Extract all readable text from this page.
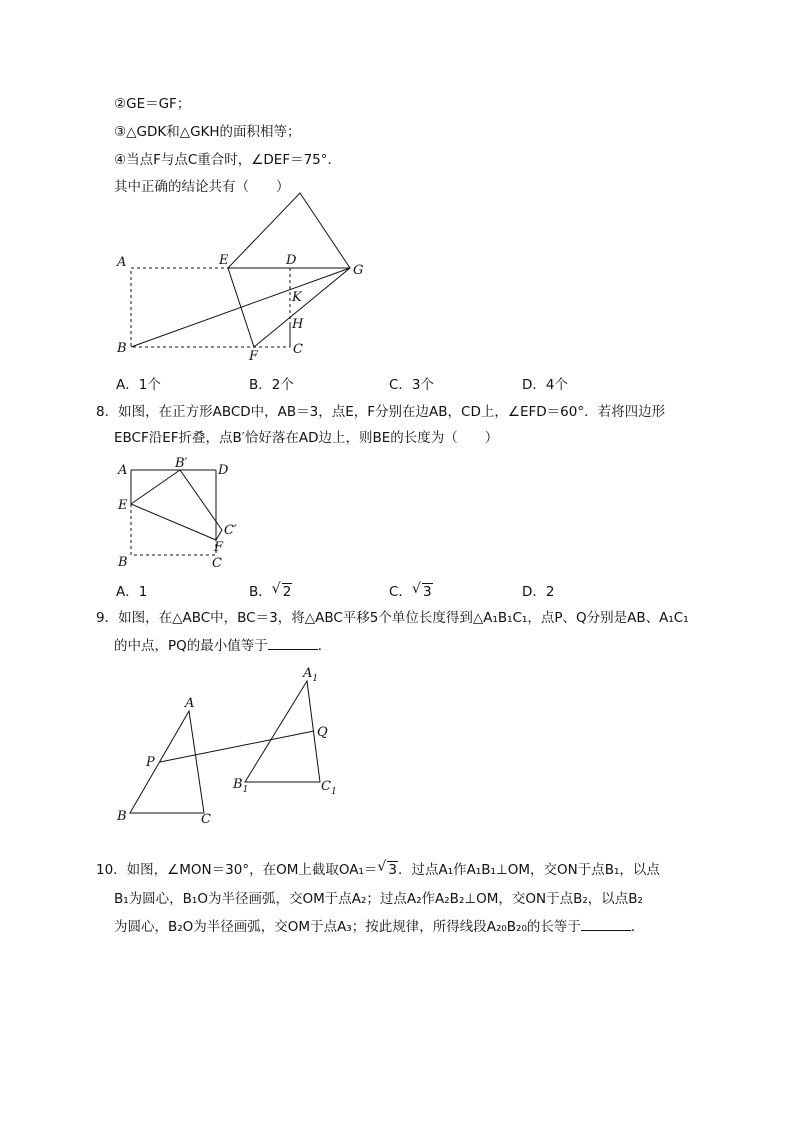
②GE＝GF；
③△GDK和△GKH的面积相等；
④当点F与点C重合时，∠DEF＝75°．
其中正确的结论共有（　　）
A	E	D
G
K
H
B
F	C
A	B′ D
E
C′
F
B	C
A
$A_1$
Q
P
$B_1$	$C_1$
B	C
A．1个	B．2个	C．3个	D．4个
8．如图，在正方形ABCD中，AB＝3，点E，F分别在边AB，CD上，∠EFD＝60°．若将四边形
EBCF沿EF折叠，点B′恰好落在AD边上，则BE的长度为（　　）
A．1	B． √ 2	C． √ 3	D．2
9．如图，在△ABC中，BC＝3，将△ABC平移5个单位长度得到△A₁B₁C₁，点P、Q分别是AB、A₁C₁
的中点，PQ的最小值等于	．
10．如图，∠MON＝30°，在OM上截取OA₁＝ √ 3．过点A₁作A₁B₁⊥OM，交ON于点B₁，以点
B₁为圆心，B₁O为半径画弧，交OM于点A₂；过点A₂作A₂B₂⊥OM，交ON于点B₂，以点B₂
为圆心，B₂O为半径画弧，交OM于点A₃；按此规律，所得线段A₂₀B₂₀的长等于	．
